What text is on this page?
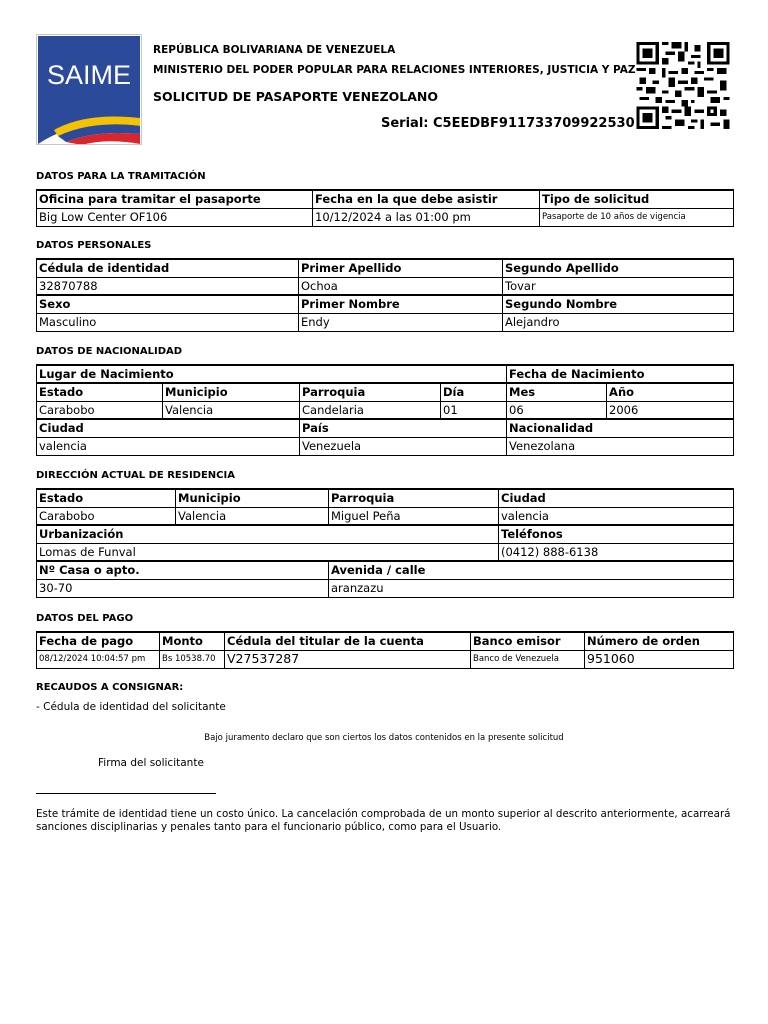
SAIME
REPÚBLICA BOLIVARIANA DE VENEZUELA
MINISTERIO DEL PODER POPULAR PARA RELACIONES INTERIORES, JUSTICIA Y PAZ
SOLICITUD DE PASAPORTE VENEZOLANO
Serial: C5EEDBF911733709922530
DATOS PARA LA TRAMITACIÓN
Oficina para tramitar el pasaporte	Fecha en la que debe asistir	Tipo de solicitud
Big Low Center OF106	10/12/2024 a las 01:00 pm	Pasaporte de 10 años de vigencia
DATOS PERSONALES
Cédula de identidad	Primer Apellido	Segundo Apellido
32870788	Ochoa	Tovar
Sexo	Primer Nombre	Segundo Nombre
Masculino	Endy	Alejandro
DATOS DE NACIONALIDAD
Lugar de Nacimiento				Fecha de Nacimiento	
Estado	Municipio	Parroquia	Día	Mes	Año
Carabobo	Valencia	Candelaria	01	06	2006
Ciudad		País		Nacionalidad	
valencia		Venezuela		Venezolana	
DIRECCIÓN ACTUAL DE RESIDENCIA
Estado	Municipio	Parroquia	Ciudad
Carabobo	Valencia	Miguel Peña	valencia
Urbanización			Teléfonos
Lomas de Funval			(0412) 888-6138
Nº Casa o apto.		Avenida / calle	
30-70		aranzazu	
DATOS DEL PAGO
Fecha de pago	Monto	Cédula del titular de la cuenta	Banco emisor	Número de orden
08/12/2024 10:04:57 pm	Bs 10538.70	V27537287	Banco de Venezuela	951060
RECAUDOS A CONSIGNAR:
- Cédula de identidad del solicitante
Bajo juramento declaro que son ciertos los datos contenidos en la presente solicitud
Firma del solicitante
Este trámite de identidad tiene un costo único. La cancelación comprobada de un monto superior al descrito anteriormente, acarreará sanciones disciplinarias y penales tanto para el funcionario público, como para el Usuario.
